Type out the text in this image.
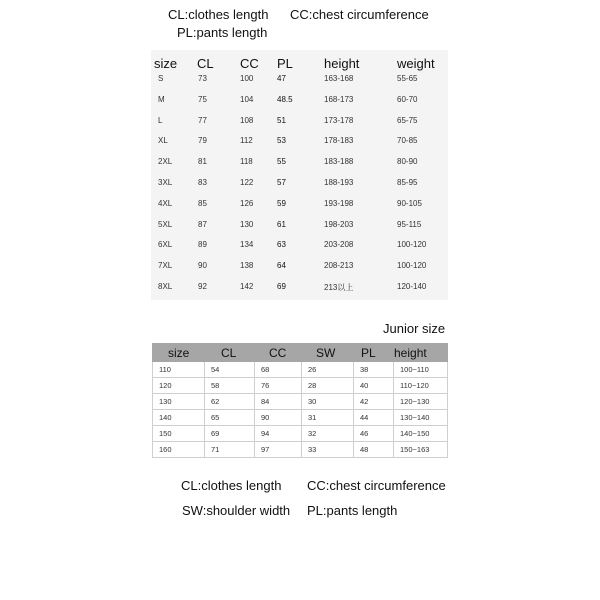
CL:clothes length CC:chest circumference
PL:pants length
size CL CC PL height	weight
S	73	100	47	163-168	55-65
M	75	104	48.5	168-173	60-70
L	77	108	51	173-178	65-75
XL	79	112	53	178-183	70-85
2XL	81	118	55	183-188	80-90
3XL	83	122	57	188-193	85-95
4XL	85	126	59	193-198	90-105
5XL	87	130	61	198-203	95-115
6XL	89	134	63	203-208	100-120
7XL	90	138	64	208-213	100-120
8XL	92	142	69	213以上	120-140
Junior size
size	CL	CC	SW	PL	height
110	54	68	26	38	100~110
120	58	76	28	40	110~120
130	62	84	30	42	120~130
140	65	90	31	44	130~140
150	69	94	32	46	140~150
160	71	97	33	48	150~163
CL:clothes length CC:chest circumference
SW:shoulder width PL:pants length
